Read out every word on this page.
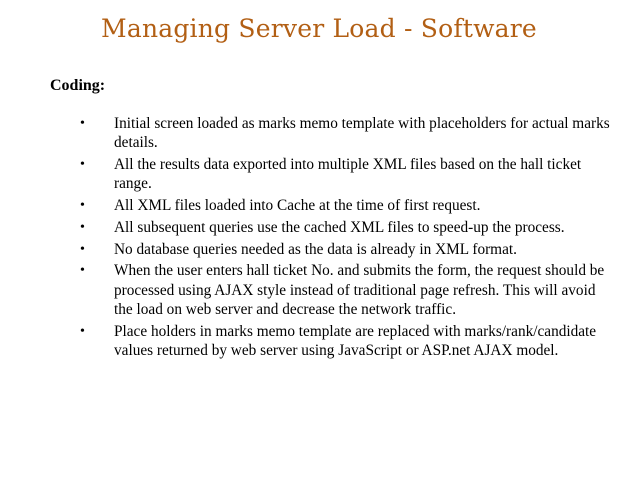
Managing Server Load - Software

Coding:

• Initial screen loaded as marks memo template with placeholders for actual marks details.
• All the results data exported into multiple XML files based on the hall ticket range.
• All XML files loaded into Cache at the time of first request.
• All subsequent queries use the cached XML files to speed-up the process.
• No database queries needed as the data is already in XML format.
• When the user enters hall ticket No. and submits the form, the request should be processed using AJAX style instead of traditional page refresh. This will avoid the load on web server and decrease the network traffic.
• Place holders in marks memo template are replaced with marks/rank/candidate values returned by web server using JavaScript or ASP.net AJAX model.
